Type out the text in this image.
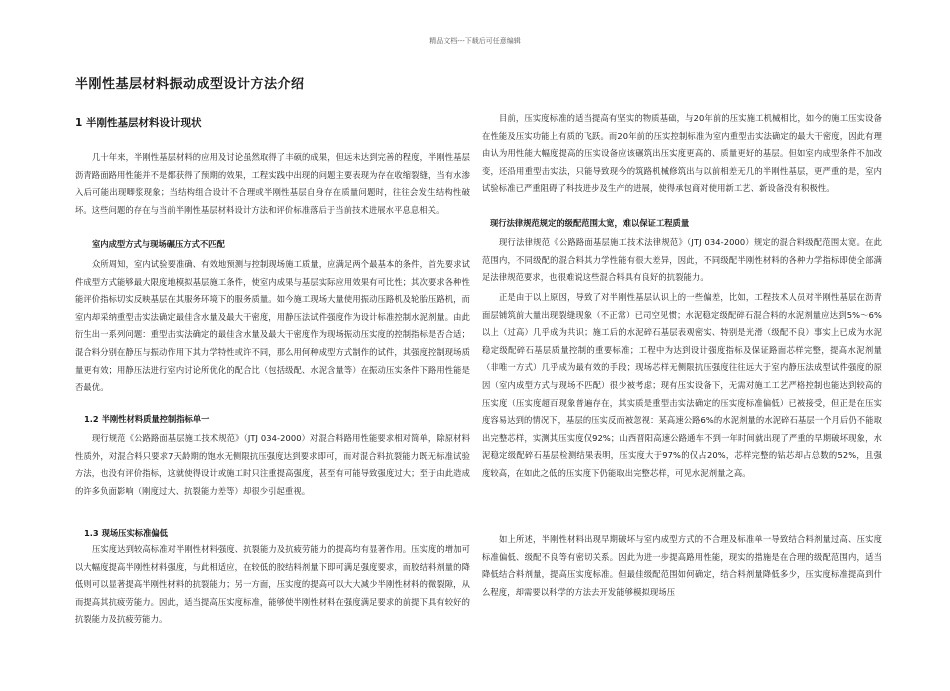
精品文档---下载后可任意编辑
半刚性基层材料振动成型设计方法介绍
1 半刚性基层材料设计现状
几十年来，半刚性基层材料的应用及讨论虽然取得了丰硕的成果，但远未达到完善的程度，半刚性基层沥青路面路用性能并不是都获得了预期的效果，工程实践中出现的问题主要表现为存在收缩裂缝，当有水渗入后可能出现唧浆现象；当结构组合设计不合理或半刚性基层自身存在质量问题时，往往会发生结构性破坏。这些问题的存在与当前半刚性基层材料设计方法和评价标准落后于当前技术进展水平息息相关。
室内成型方式与现场碾压方式不匹配
众所周知，室内试验要准确、有效地预测与控制现场施工质量，应满足两个最基本的条件，首先要求试件成型方式能够最大限度地模拟基层施工条件，使室内成果与基层实际应用效果有可比性；其次要求各种性能评价指标切实反映基层在其服务环境下的服务质量。如今施工现场大量使用振动压路机及轮胎压路机，而室内却采纳重型击实法确定最佳含水量及最大干密度，用静压法试件强度作为设计标准控制水泥剂量。由此衍生出一系列问题：重型击实法确定的最佳含水量及最大干密度作为现场振动压实度的控制指标是否合适；混合料分别在静压与振动作用下其力学特性或许不同，那么用何种成型方式制作的试件，其强度控制现场质量更有效；用静压法进行室内讨论所优化的配合比（包括级配、水泥含量等）在振动压实条件下路用性能是否最优。
1.2 半刚性材料质量控制指标单一
现行规范《公路路面基层施工技术规范》（JTJ 034-2000）对混合料路用性能要求相对简单，除原材料性质外，对混合料只要求7天龄期的饱水无侧限抗压强度达到要求即可，而对混合料抗裂能力既无标准试验方法，也没有评价指标，这就使得设计或施工时只注重提高强度，甚至有可能导致强度过大；至于由此造成的许多负面影响（刚度过大、抗裂能力差等）却很少引起重视。
1.3 现场压实标准偏低
压实度达到较高标准对半刚性材料强度、抗裂能力及抗疲劳能力的提高均有显著作用。压实度的增加可以大幅度提高半刚性材料强度，与此相适应，在较低的胶结料剂量下即可满足强度要求，而胶结料剂量的降低则可以显著提高半刚性材料的抗裂能力；另一方面，压实度的提高可以大大减少半刚性材料的微裂隙，从而提高其抗疲劳能力。因此，适当提高压实度标准，能够使半刚性材料在强度满足要求的前提下具有较好的抗裂能力及抗疲劳能力。
目前，压实度标准的适当提高有坚实的物质基础，与20年前的压实施工机械相比，如今的施工压实设备在性能及压实功能上有质的飞跃。而20年前的压实控制标准为室内重型击实法确定的最大干密度，因此有理由认为用性能大幅度提高的压实设备应该碾筑出压实度更高的、质量更好的基层。但如室内成型条件不加改变，还沿用重型击实法，只能导致现今的筑路机械修筑出与以前相差无几的半刚性基层，更严重的是，室内试验标准已严重阻碍了科技进步及生产的进展，使得承包商对使用新工艺、新设备没有积极性。
现行法律规范规定的级配范围太宽，难以保证工程质量
现行法律规范《公路路面基层施工技术法律规范》（JTJ 034-2000）规定的混合料级配范围太宽。在此范围内，不同级配的混合料其力学性能有很大差异，因此，不同级配半刚性材料的各种力学指标即使全部满足法律规范要求，也很难说这些混合料具有良好的抗裂能力。
正是由于以上原因，导致了对半刚性基层认识上的一些偏差，比如，工程技术人员对半刚性基层在沥青面层铺筑前大量出现裂缝现象（不正常）已司空见惯；水泥稳定级配碎石混合料的水泥剂量应达到5%～6%以上（过高）几乎成为共识；施工后的水泥碎石基层表观密实、特别是光滑（级配不良）事实上已成为水泥稳定级配碎石基层质量控制的重要标准；工程中为达到设计强度指标及保证路面芯样完整，提高水泥剂量（非唯一方式）几乎成为最有效的手段；现场芯样无侧限抗压强度往往远大于室内静压法成型试件强度的原因（室内成型方式与现场不匹配）很少被考虑；现有压实设备下，无需对施工工艺严格控制也能达到较高的压实度（压实度超百现象普遍存在，其实质是重型击实法确定的压实度标准偏低）已被接受，但正是在压实度容易达到的情况下，基层的压实反而被忽视：某高速公路6%的水泥剂量的水泥碎石基层一个月后仍不能取出完整芯样，实测其压实度仅92%；山西晋阳高速公路通车不到一年时间就出现了严重的早期破坏现象，水泥稳定级配碎石基层检测结果表明，压实度大于97%的仅占20%，芯样完整的钻芯却占总数的52%，且强度较高，在如此之低的压实度下仍能取出完整芯样，可见水泥剂量之高。
如上所述，半刚性材料出现早期破坏与室内成型方式的不合理及标准单一导致结合料剂量过高、压实度标准偏低、级配不良等有密切关系。因此为进一步提高路用性能，现实的措施是在合理的级配范围内，适当降低结合料剂量，提高压实度标准。但最佳级配范围如何确定，结合料剂量降低多少，压实度标准提高到什么程度，却需要以科学的方法去开发能够模拟现场压
